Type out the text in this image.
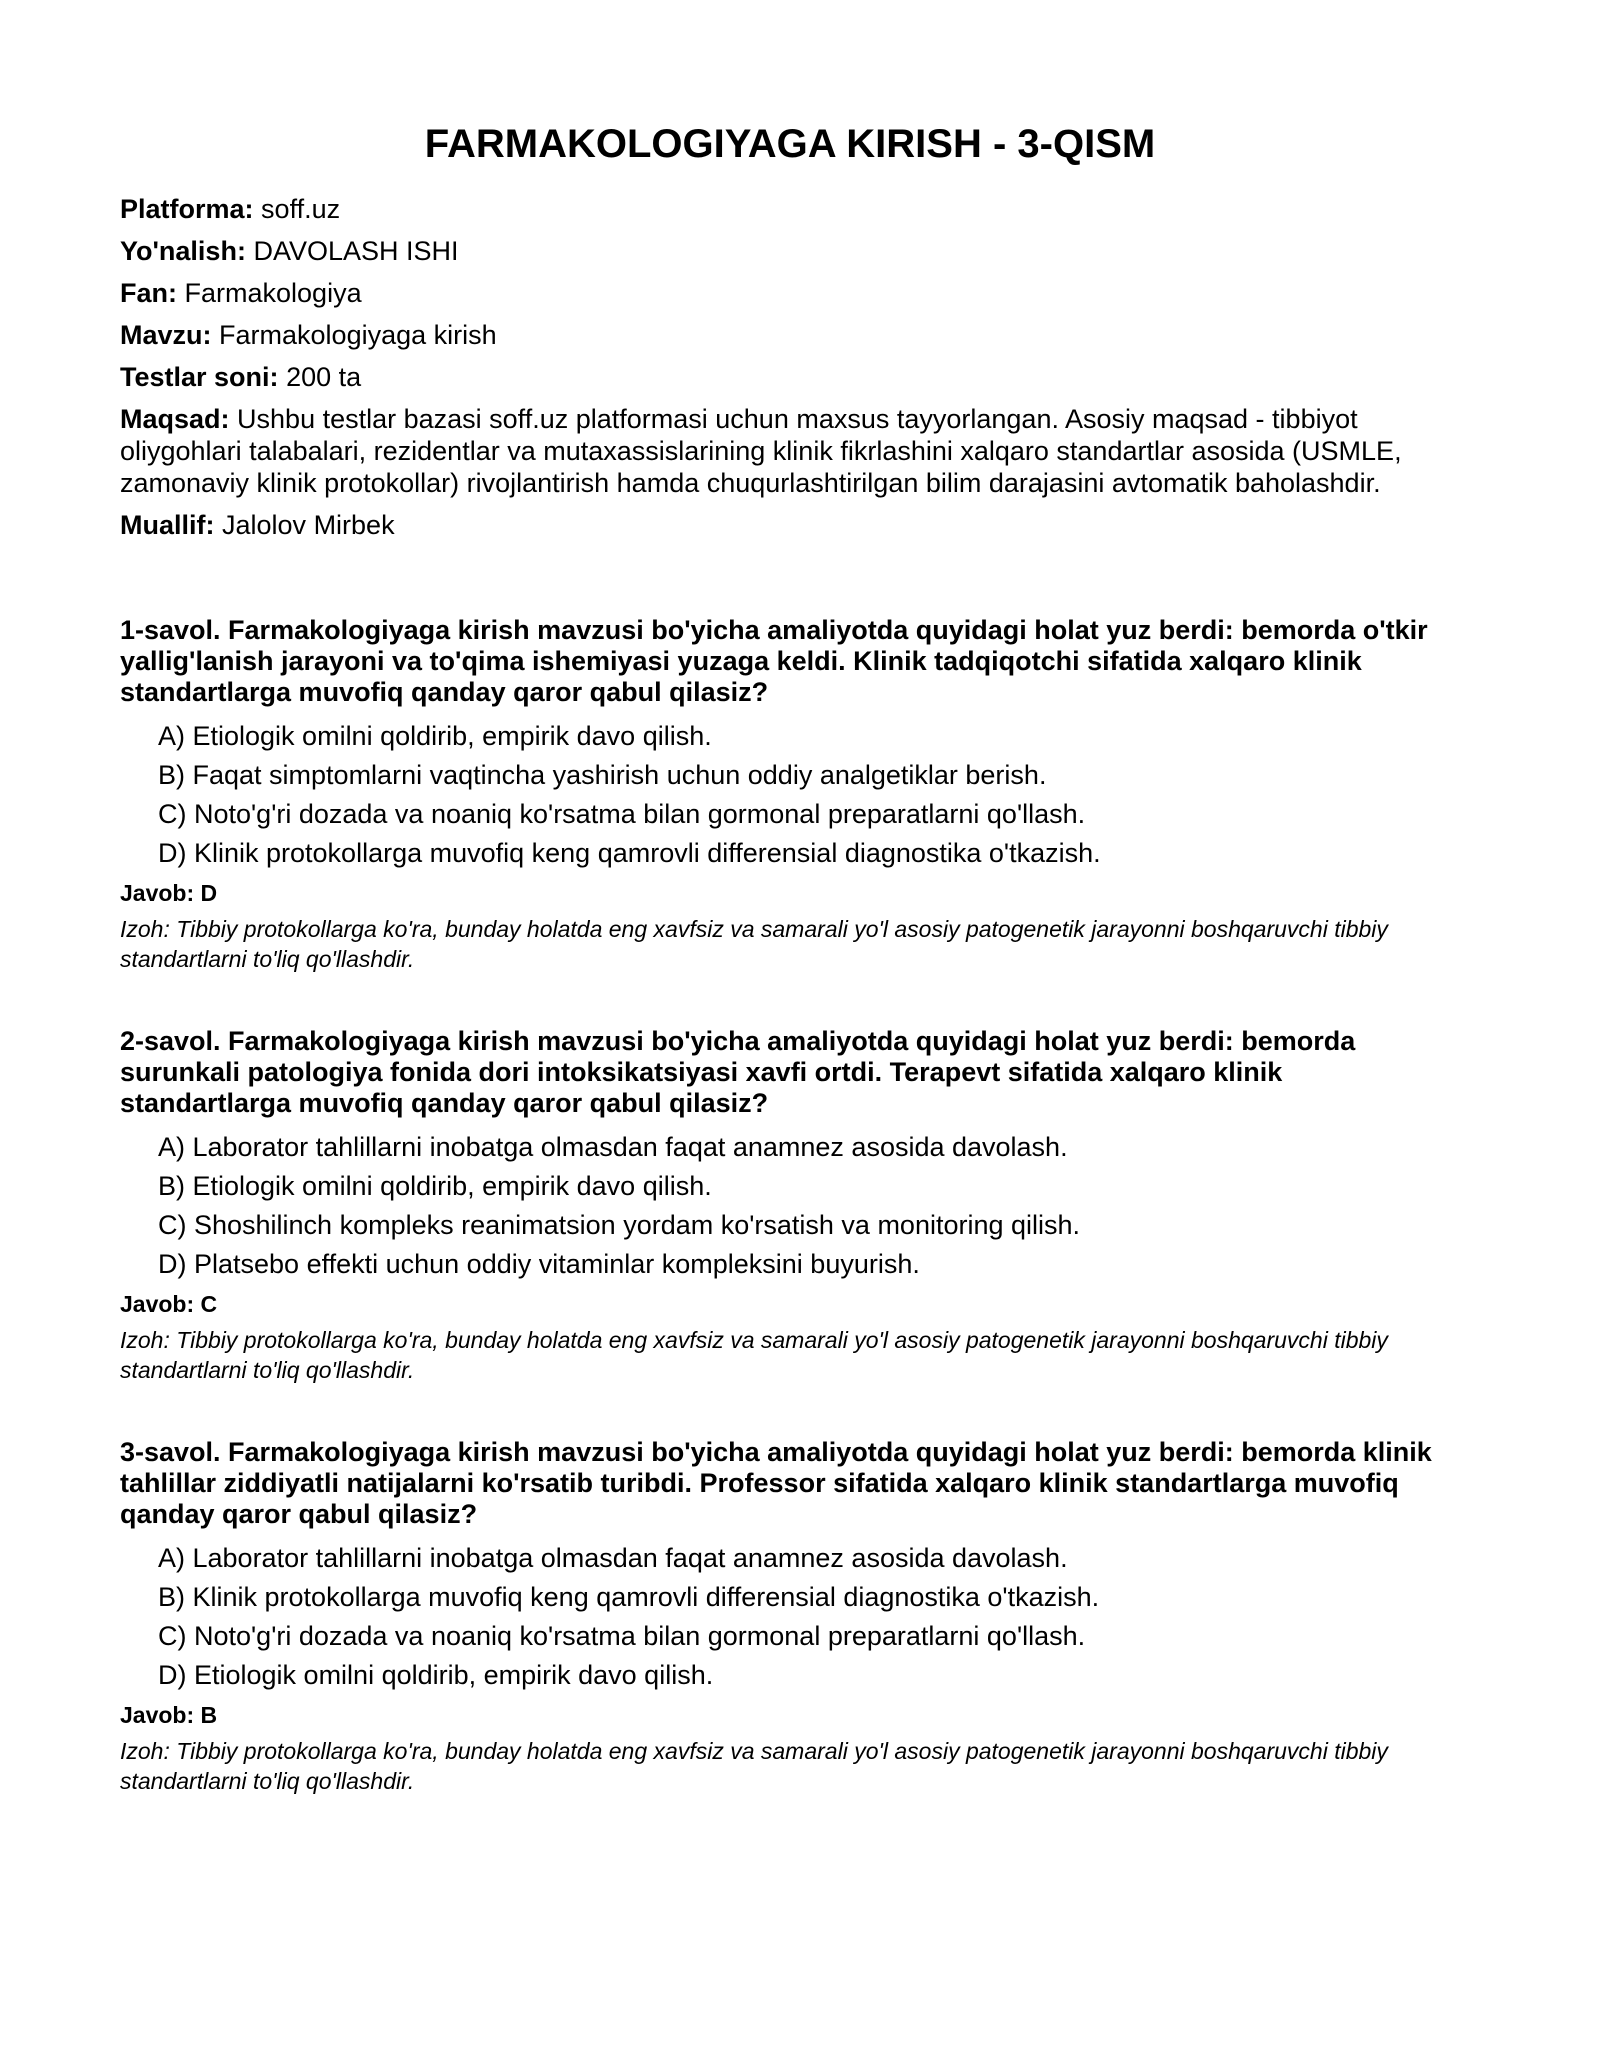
FARMAKOLOGIYAGA KIRISH - 3-QISM

Platforma: soff.uz

Yo'nalish: DAVOLASH ISHI

Fan: Farmakologiya

Mavzu: Farmakologiyaga kirish

Testlar soni: 200 ta

Maqsad: Ushbu testlar bazasi soff.uz platformasi uchun maxsus tayyorlangan. Asosiy maqsad - tibbiyot oliygohlari talabalari, rezidentlar va mutaxassislarining klinik fikrlashini xalqaro standartlar asosida (USMLE, zamonaviy klinik protokollar) rivojlantirish hamda chuqurlashtirilgan bilim darajasini avtomatik baholashdir.

Muallif: Jalolov Mirbek

1-savol. Farmakologiyaga kirish mavzusi bo'yicha amaliyotda quyidagi holat yuz berdi: bemorda o'tkir yallig'lanish jarayoni va to'qima ishemiyasi yuzaga keldi. Klinik tadqiqotchi sifatida xalqaro klinik standartlarga muvofiq qanday qaror qabul qilasiz?

A) Etiologik omilni qoldirib, empirik davo qilish.
B) Faqat simptomlarni vaqtincha yashirish uchun oddiy analgetiklar berish.
C) Noto'g'ri dozada va noaniq ko'rsatma bilan gormonal preparatlarni qo'llash.
D) Klinik protokollarga muvofiq keng qamrovli differensial diagnostika o'tkazish.

Javob: D

Izoh: Tibbiy protokollarga ko'ra, bunday holatda eng xavfsiz va samarali yo'l asosiy patogenetik jarayonni boshqaruvchi tibbiy standartlarni to'liq qo'llashdir.

2-savol. Farmakologiyaga kirish mavzusi bo'yicha amaliyotda quyidagi holat yuz berdi: bemorda surunkali patologiya fonida dori intoksikatsiyasi xavfi ortdi. Terapevt sifatida xalqaro klinik standartlarga muvofiq qanday qaror qabul qilasiz?

A) Laborator tahlillarni inobatga olmasdan faqat anamnez asosida davolash.
B) Etiologik omilni qoldirib, empirik davo qilish.
C) Shoshilinch kompleks reanimatsion yordam ko'rsatish va monitoring qilish.
D) Platsebo effekti uchun oddiy vitaminlar kompleksini buyurish.

Javob: C

Izoh: Tibbiy protokollarga ko'ra, bunday holatda eng xavfsiz va samarali yo'l asosiy patogenetik jarayonni boshqaruvchi tibbiy standartlarni to'liq qo'llashdir.

3-savol. Farmakologiyaga kirish mavzusi bo'yicha amaliyotda quyidagi holat yuz berdi: bemorda klinik tahlillar ziddiyatli natijalarni ko'rsatib turibdi. Professor sifatida xalqaro klinik standartlarga muvofiq qanday qaror qabul qilasiz?

A) Laborator tahlillarni inobatga olmasdan faqat anamnez asosida davolash.
B) Klinik protokollarga muvofiq keng qamrovli differensial diagnostika o'tkazish.
C) Noto'g'ri dozada va noaniq ko'rsatma bilan gormonal preparatlarni qo'llash.
D) Etiologik omilni qoldirib, empirik davo qilish.

Javob: B

Izoh: Tibbiy protokollarga ko'ra, bunday holatda eng xavfsiz va samarali yo'l asosiy patogenetik jarayonni boshqaruvchi tibbiy standartlarni to'liq qo'llashdir.
